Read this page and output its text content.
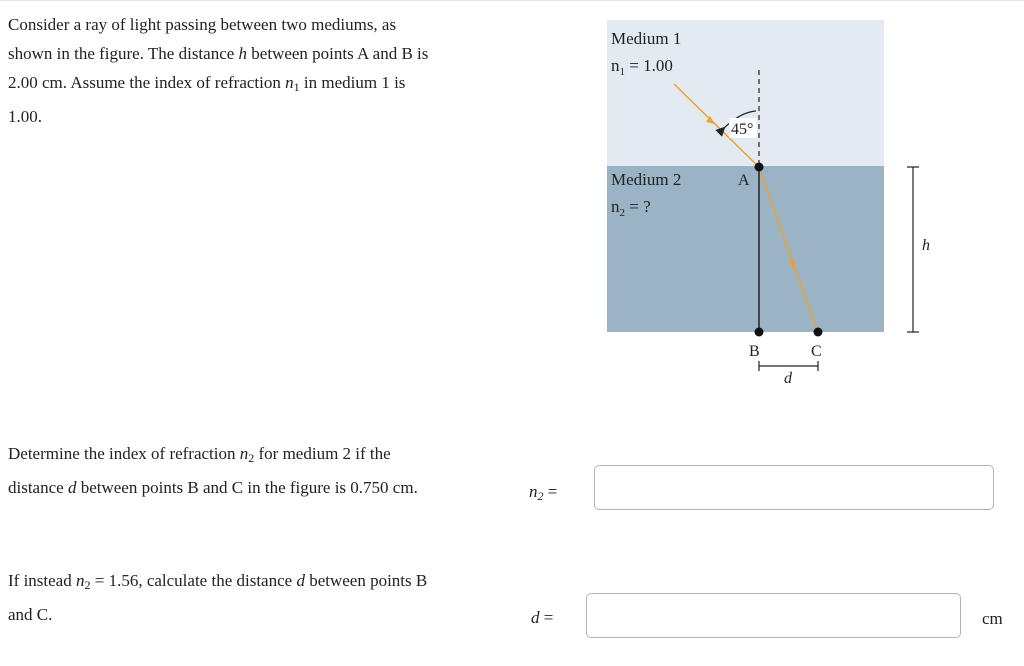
Consider a ray of light passing between two mediums, as
shown in the figure. The distance h between points A and B is
2.00 cm. Assume the index of refraction $n_1$ in medium 1 is
1.00.
Determine the index of refraction $n_2$ for medium 2 if the
distance d between points B and C in the figure is 0.750 cm.	$n_2$ =
If instead $n_2 = 1.56$, calculate the distance d between points B
and C.	d =	cm
45°
A
B	C
Medium 1
$n_1 = 1.00$
Medium 2
$n_2$ = ?
h
d
